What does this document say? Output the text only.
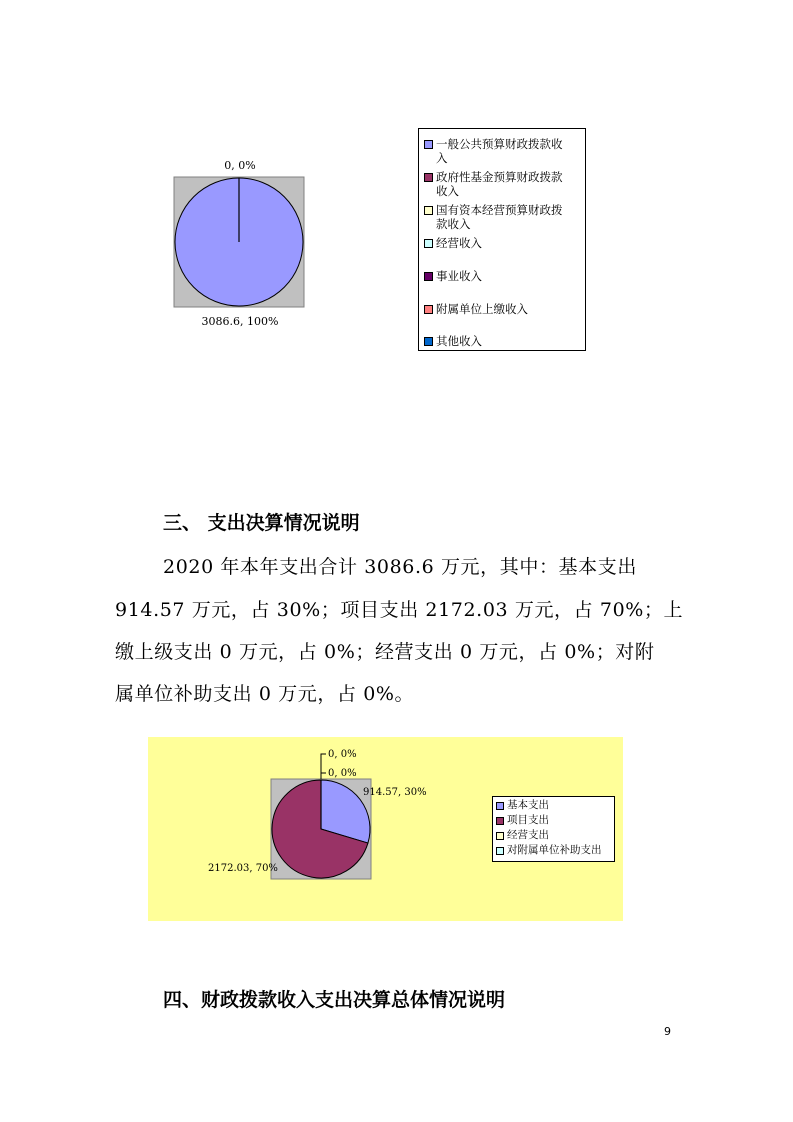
0, 0%
3086.6, 100%
一般公共预算财政拨款收
入
政府性基金预算财政拨款
收入
国有资本经营预算财政拨
款收入
经营收入
事业收入
附属单位上缴收入
其他收入
三、 支出决算情况说明
2020 年本年支出合计 3086.6 万元，其中：基本支出
914.57 万元，占 30%；项目支出 2172.03 万元，占 70%；上
缴上级支出 0 万元，占 0%；经营支出 0 万元，占 0%；对附
属单位补助支出 0 万元，占 0%。
0, 0%
0, 0%
914.57, 30%
2172.03, 70%
基本支出
项目支出
经营支出
对附属单位补助支出
四、财政拨款收入支出决算总体情况说明
9
